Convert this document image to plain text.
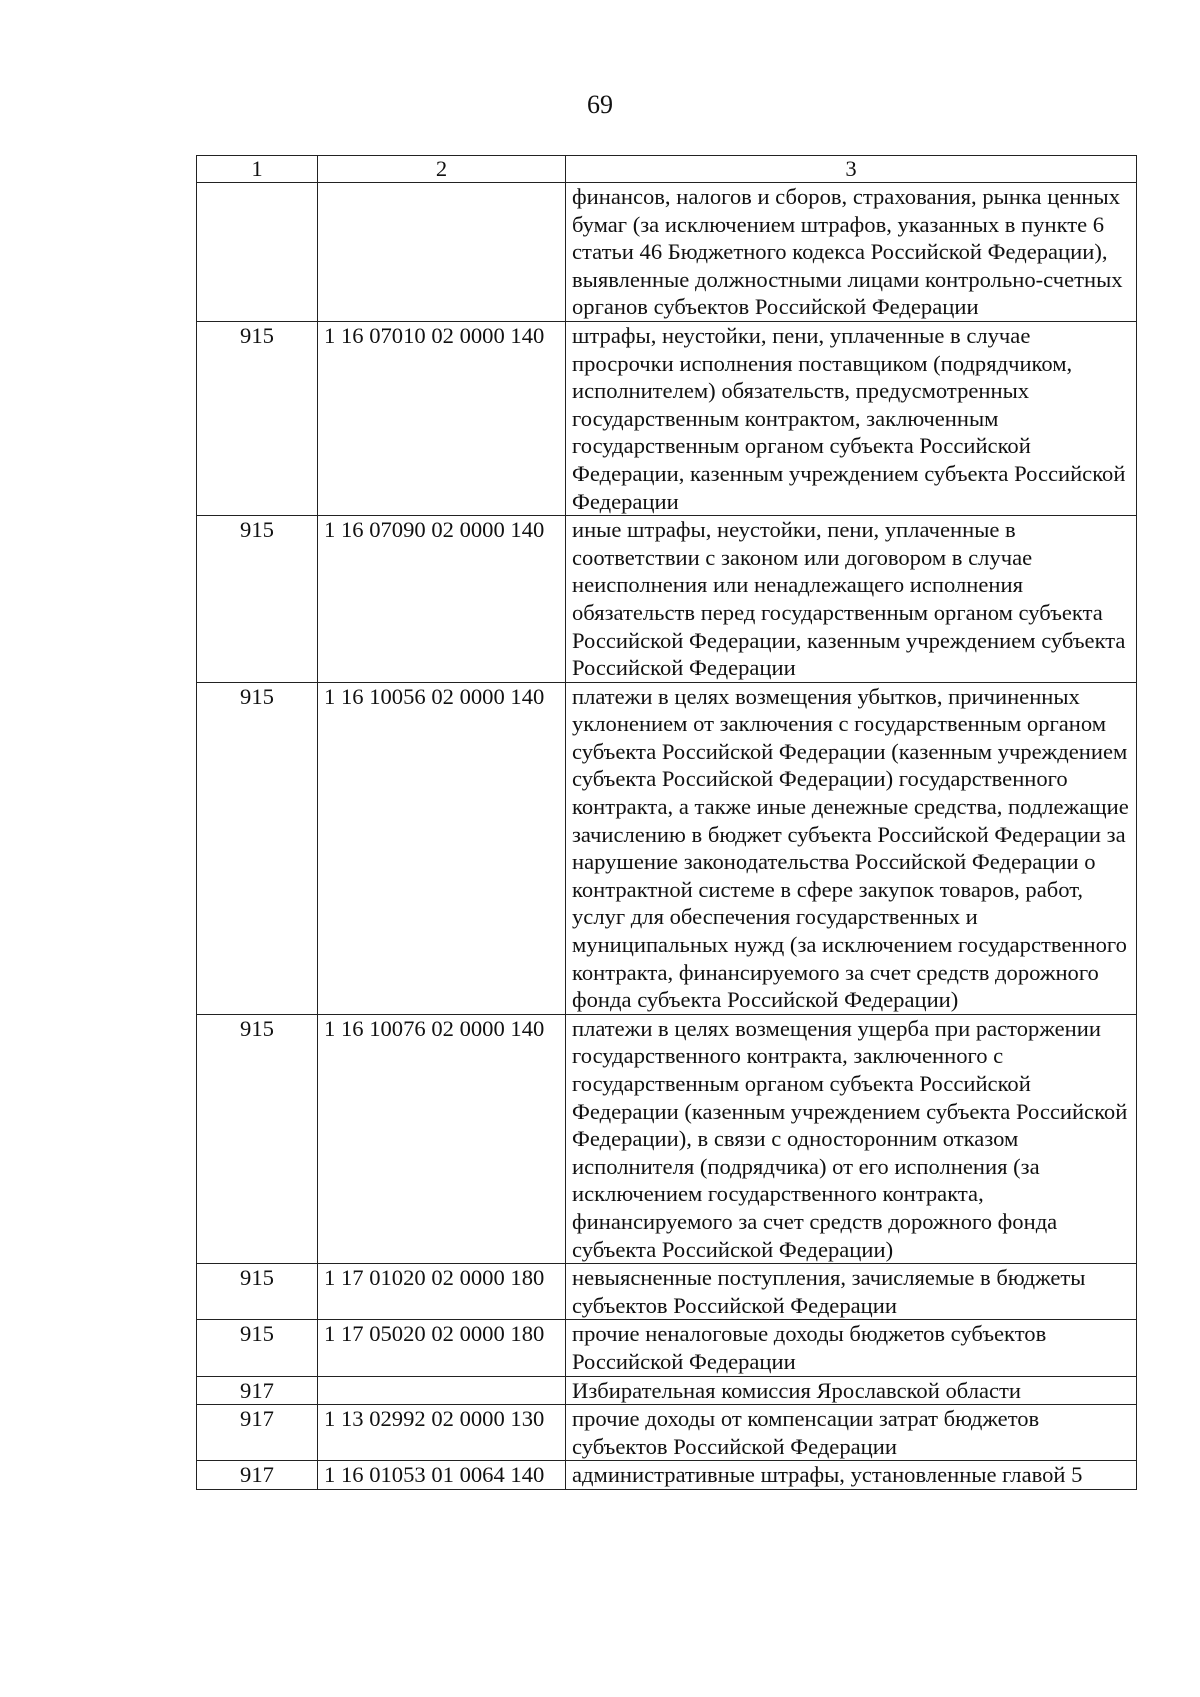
69
1	2	3
		финансов, налогов и сборов, страхования, рынка ценных бумаг (за исключением штрафов, указанных в пункте 6 статьи 46 Бюджетного кодекса Российской Федерации), выявленные должностными лицами контрольно-счетных органов субъектов Российской Федерации
915	1 16 07010 02 0000 140	штрафы, неустойки, пени, уплаченные в случае просрочки исполнения поставщиком (подрядчиком, исполнителем) обязательств, предусмотренных государственным контрактом, заключенным государственным органом субъекта Российской Федерации, казенным учреждением субъекта Российской Федерации
915	1 16 07090 02 0000 140	иные штрафы, неустойки, пени, уплаченные в соответствии с законом или договором в случае неисполнения или ненадлежащего исполнения обязательств перед государственным органом субъекта Российской Федерации, казенным учреждением субъекта Российской Федерации
915	1 16 10056 02 0000 140	платежи в целях возмещения убытков, причиненных уклонением от заключения с государственным органом субъекта Российской Федерации (казенным учреждением субъекта Российской Федерации) государственного контракта, а также иные денежные средства, подлежащие зачислению в бюджет субъекта Российской Федерации за нарушение законодательства Российской Федерации о контрактной системе в сфере закупок товаров, работ, услуг для обеспечения государственных и муниципальных нужд (за исключением государственного контракта, финансируемого за счет средств дорожного фонда субъекта Российской Федерации)
915	1 16 10076 02 0000 140	платежи в целях возмещения ущерба при расторжении государственного контракта, заключенного с государственным органом субъекта Российской Федерации (казенным учреждением субъекта Российской Федерации), в связи с односторонним отказом исполнителя (подрядчика) от его исполнения (за исключением государственного контракта, финансируемого за счет средств дорожного фонда субъекта Российской Федерации)
915	1 17 01020 02 0000 180	невыясненные поступления, зачисляемые в бюджеты субъектов Российской Федерации
915	1 17 05020 02 0000 180	прочие неналоговые доходы бюджетов субъектов Российской Федерации
917		Избирательная комиссия Ярославской области
917	1 13 02992 02 0000 130	прочие доходы от компенсации затрат бюджетов субъектов Российской Федерации
917	1 16 01053 01 0064 140	административные штрафы, установленные главой 5
